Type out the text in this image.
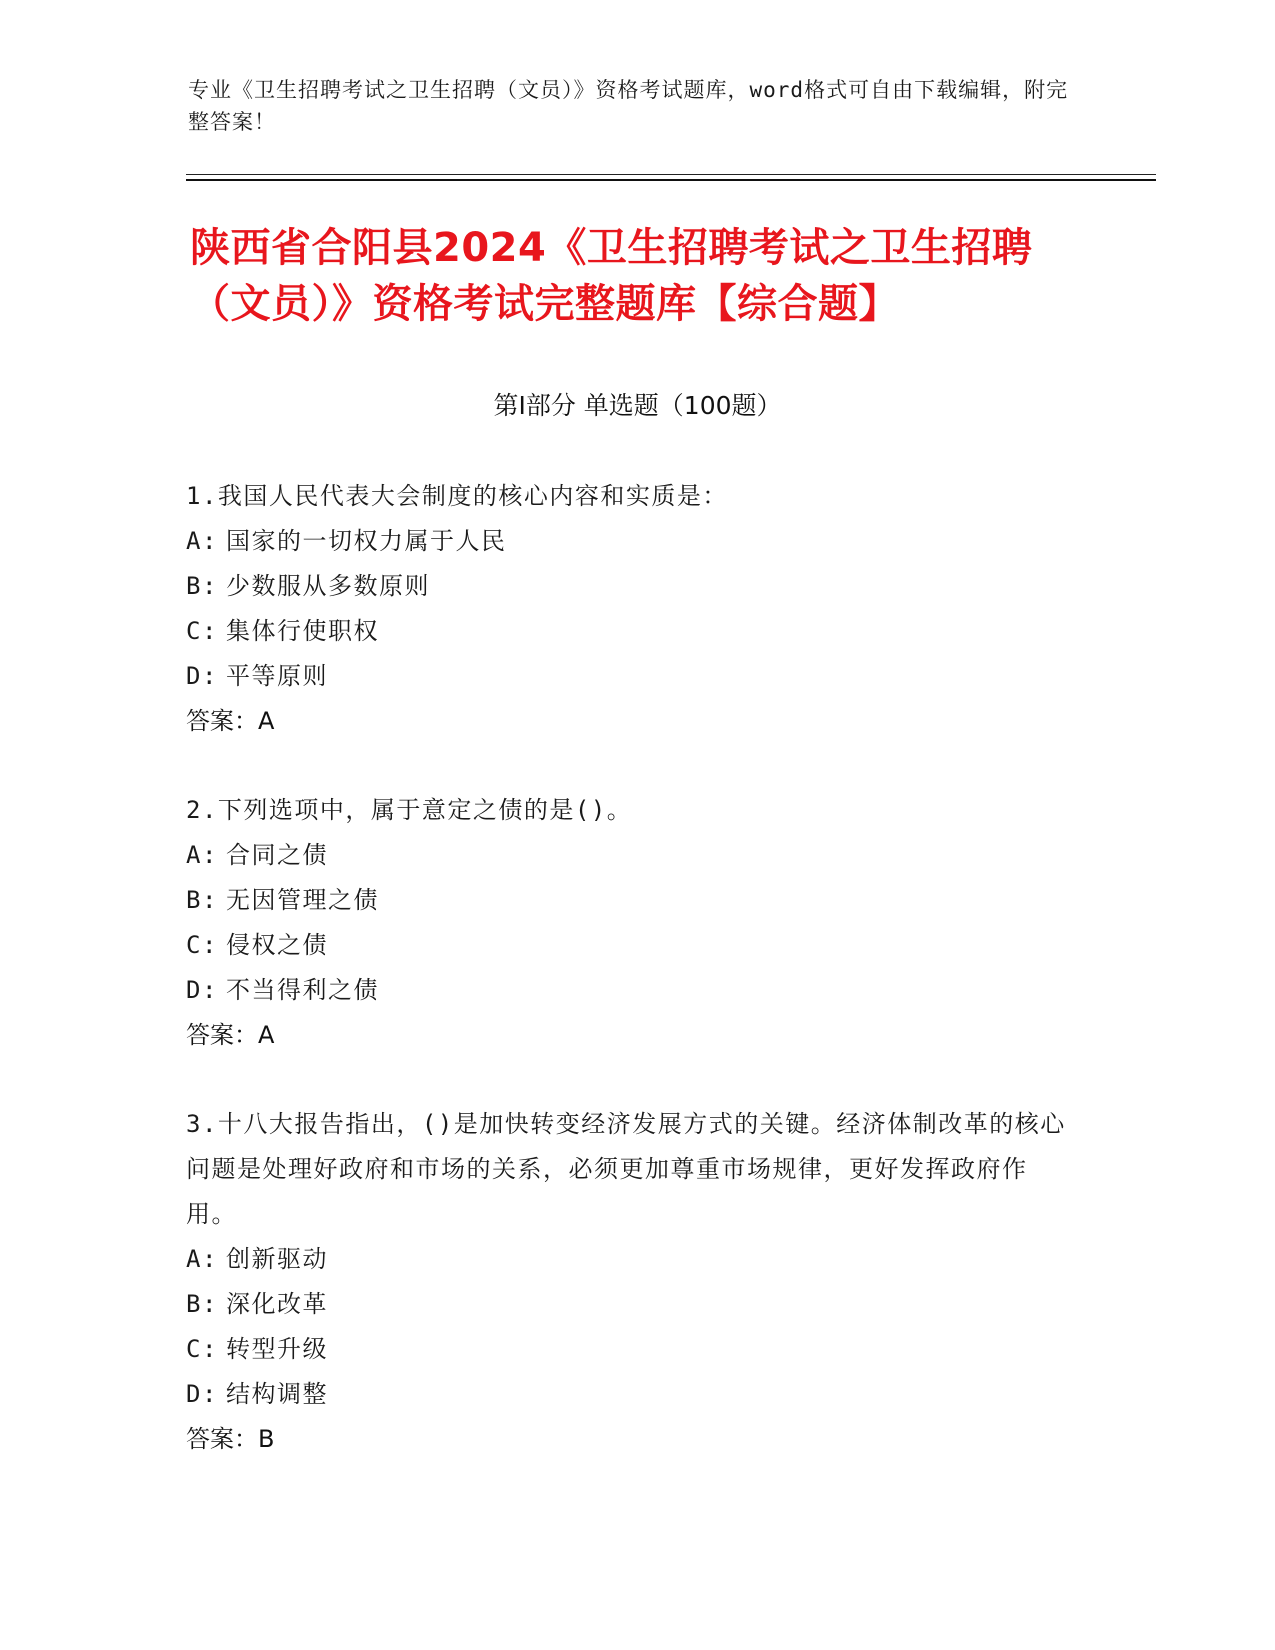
专业《卫生招聘考试之卫生招聘（文员）》资格考试题库，word格式可自由下载编辑，附完整答案！
陕西省合阳县2024《卫生招聘考试之卫生招聘（文员）》资格考试完整题库【综合题】
第Ⅰ部分 单选题（100题）
1.我国人民代表大会制度的核心内容和实质是：
A: 国家的一切权力属于人民
B: 少数服从多数原则
C: 集体行使职权
D: 平等原则
答案：A
2.下列选项中，属于意定之债的是()。
A: 合同之债
B: 无因管理之债
C: 侵权之债
D: 不当得利之债
答案：A
3.十八大报告指出，()是加快转变经济发展方式的关键。经济体制改革的核心问题是处理好政府和市场的关系，必须更加尊重市场规律，更好发挥政府作用。
A: 创新驱动
B: 深化改革
C: 转型升级
D: 结构调整
答案：B
